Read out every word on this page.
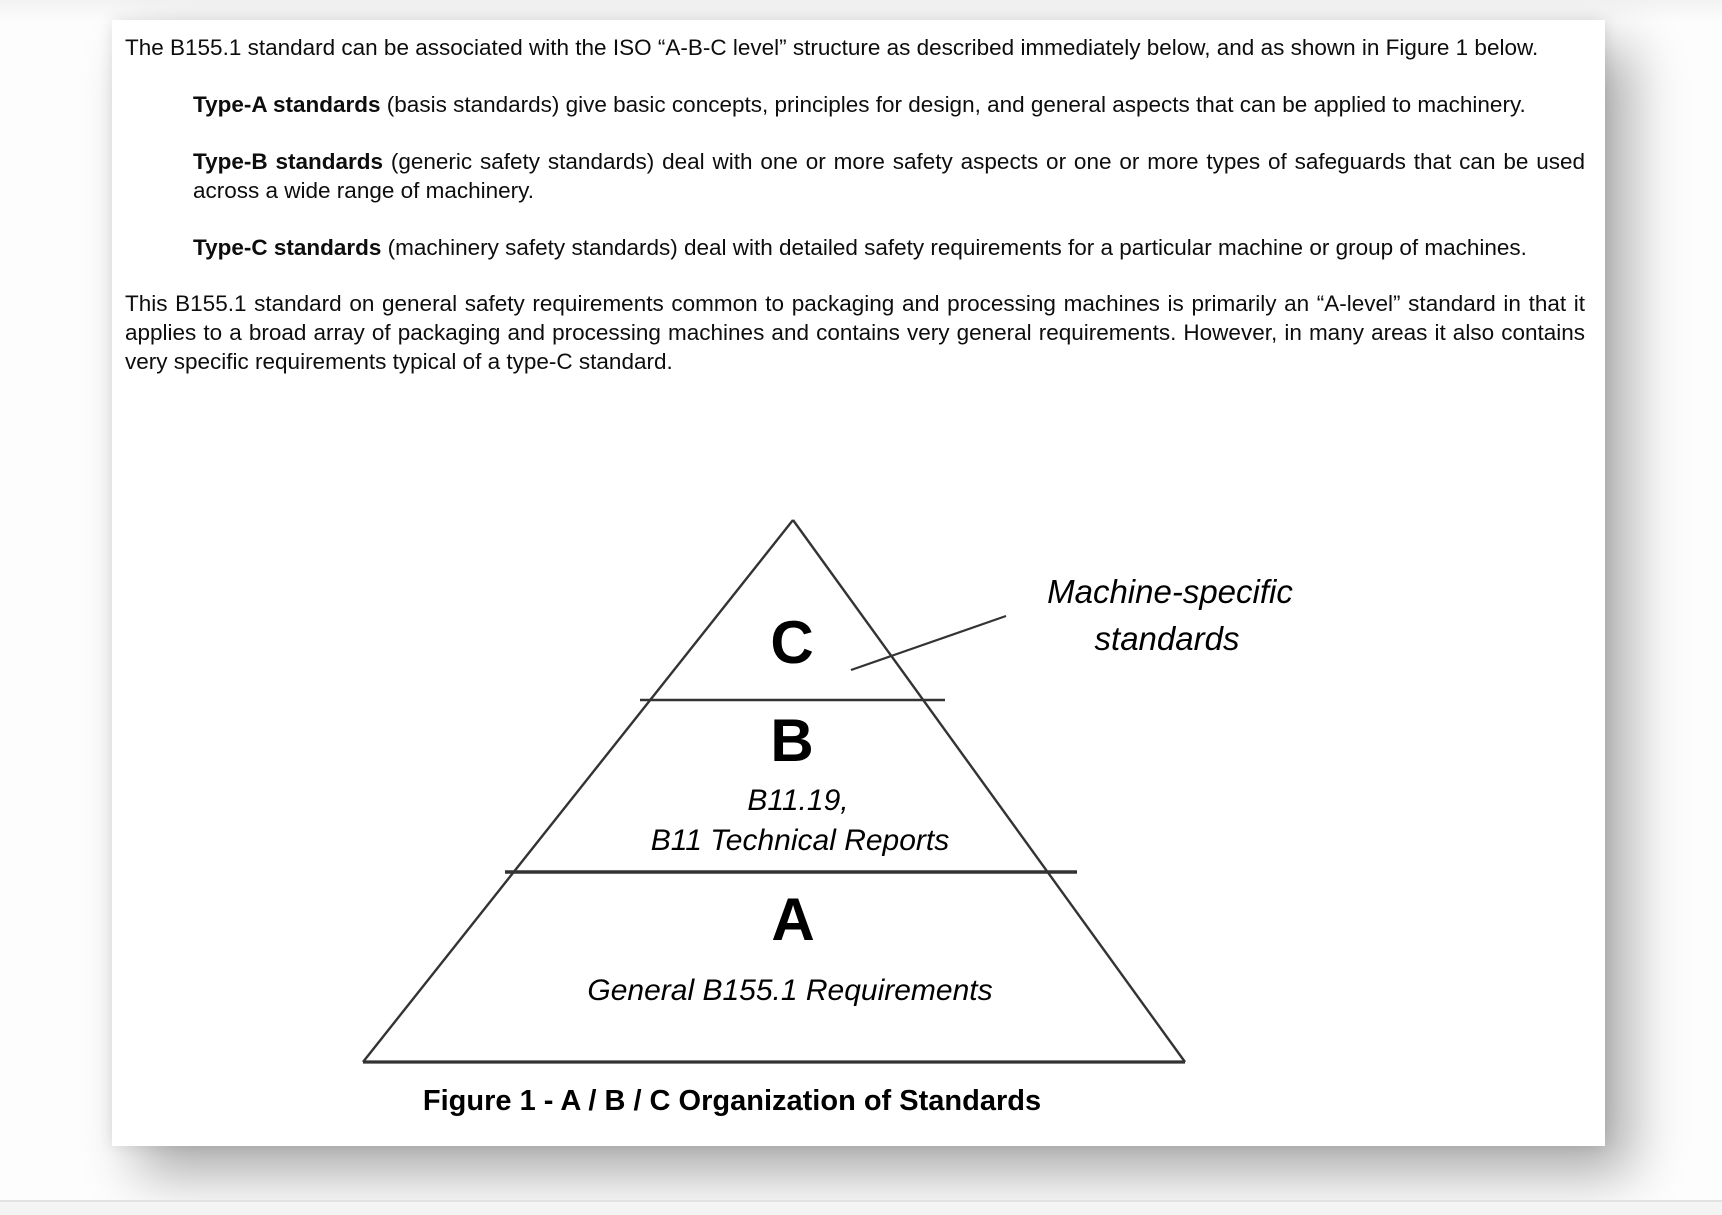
The B155.1 standard can be associated with the ISO “A-B-C level” structure as described immediately below, and as shown in Figure 1 below.

Type-A standards (basis standards) give basic concepts, principles for design, and general aspects that can be applied to machinery.

Type-B standards (generic safety standards) deal with one or more safety aspects or one or more types of safeguards that can be used across a wide range of machinery.

Type-C standards (machinery safety standards) deal with detailed safety requirements for a particular machine or group of machines.

This B155.1 standard on general safety requirements common to packaging and processing machines is primarily an “A-level” standard in that it applies to a broad array of packaging and processing machines and contains very general requirements. However, in many areas it also contains very specific requirements typical of a type-C standard.

C
B
A
B11.19,
B11 Technical Reports
General B155.1 Requirements
Machine-specific
standards
Figure 1 - A / B / C Organization of Standards
